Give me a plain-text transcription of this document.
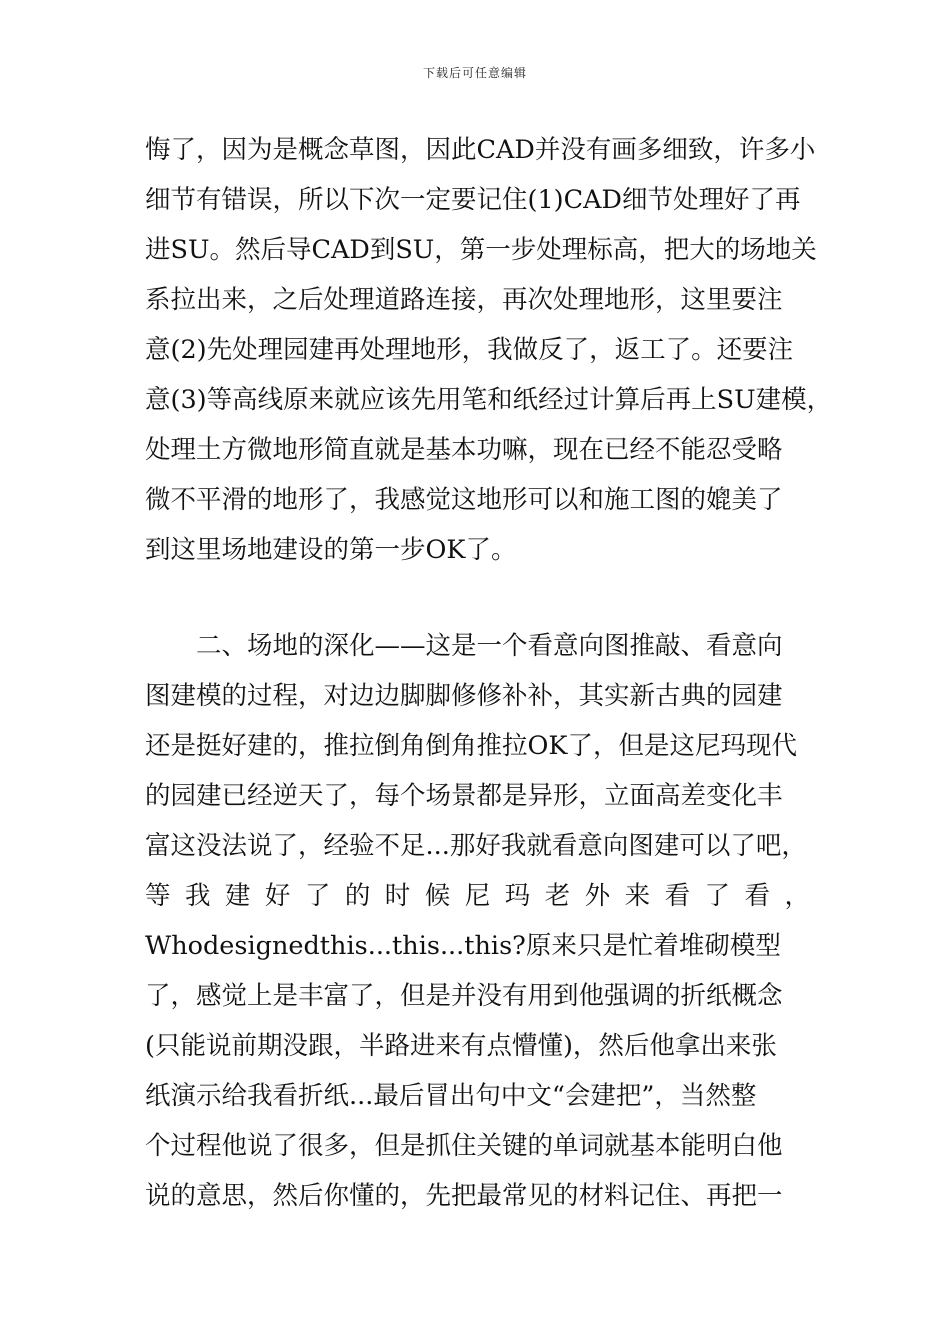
下载后可任意编辑
悔了，因为是概念草图，因此CAD并没有画多细致，许多小
细节有错误，所以下次一定要记住(1)CAD细节处理好了再
进SU。然后导CAD到SU，第一步处理标高，把大的场地关
系拉出来，之后处理道路连接，再次处理地形，这里要注
意(2)先处理园建再处理地形，我做反了，返工了。还要注
意(3)等高线原来就应该先用笔和纸经过计算后再上SU建模，
处理土方微地形简直就是基本功嘛，现在已经不能忍受略
微不平滑的地形了，我感觉这地形可以和施工图的媲美了
到这里场地建设的第一步OK了。
　　二、场地的深化——这是一个看意向图推敲、看意向
图建模的过程，对边边脚脚修修补补，其实新古典的园建
还是挺好建的，推拉倒角倒角推拉OK了，但是这尼玛现代
的园建已经逆天了，每个场景都是异形，立面高差变化丰
富这没法说了，经验不足...那好我就看意向图建可以了吧，
等我建好了的时候尼玛老外来看了看，
Whodesignedthis...this...this?原来只是忙着堆砌模型
了，感觉上是丰富了，但是并没有用到他强调的折纸概念
(只能说前期没跟，半路进来有点懵懂)，然后他拿出来张
纸演示给我看折纸...最后冒出句中文“会建把”，当然整
个过程他说了很多，但是抓住关键的单词就基本能明白他
说的意思，然后你懂的，先把最常见的材料记住、再把一
